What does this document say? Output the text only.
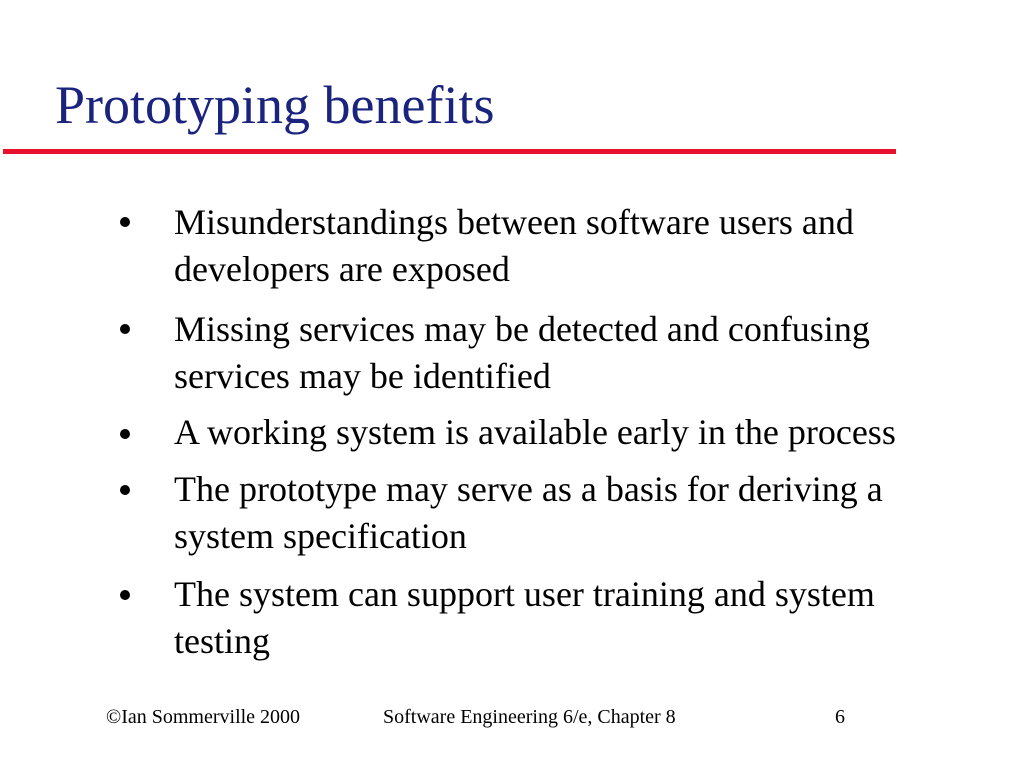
Prototyping benefits
Misunderstandings between software users and
developers are exposed
Missing services may be detected and confusing
services may be identified
A working system is available early in the process
The prototype may serve as a basis for deriving a
system specification
The system can support user training and system
testing
©Ian Sommerville 2000	Software Engineering 6/e, Chapter 8	6
